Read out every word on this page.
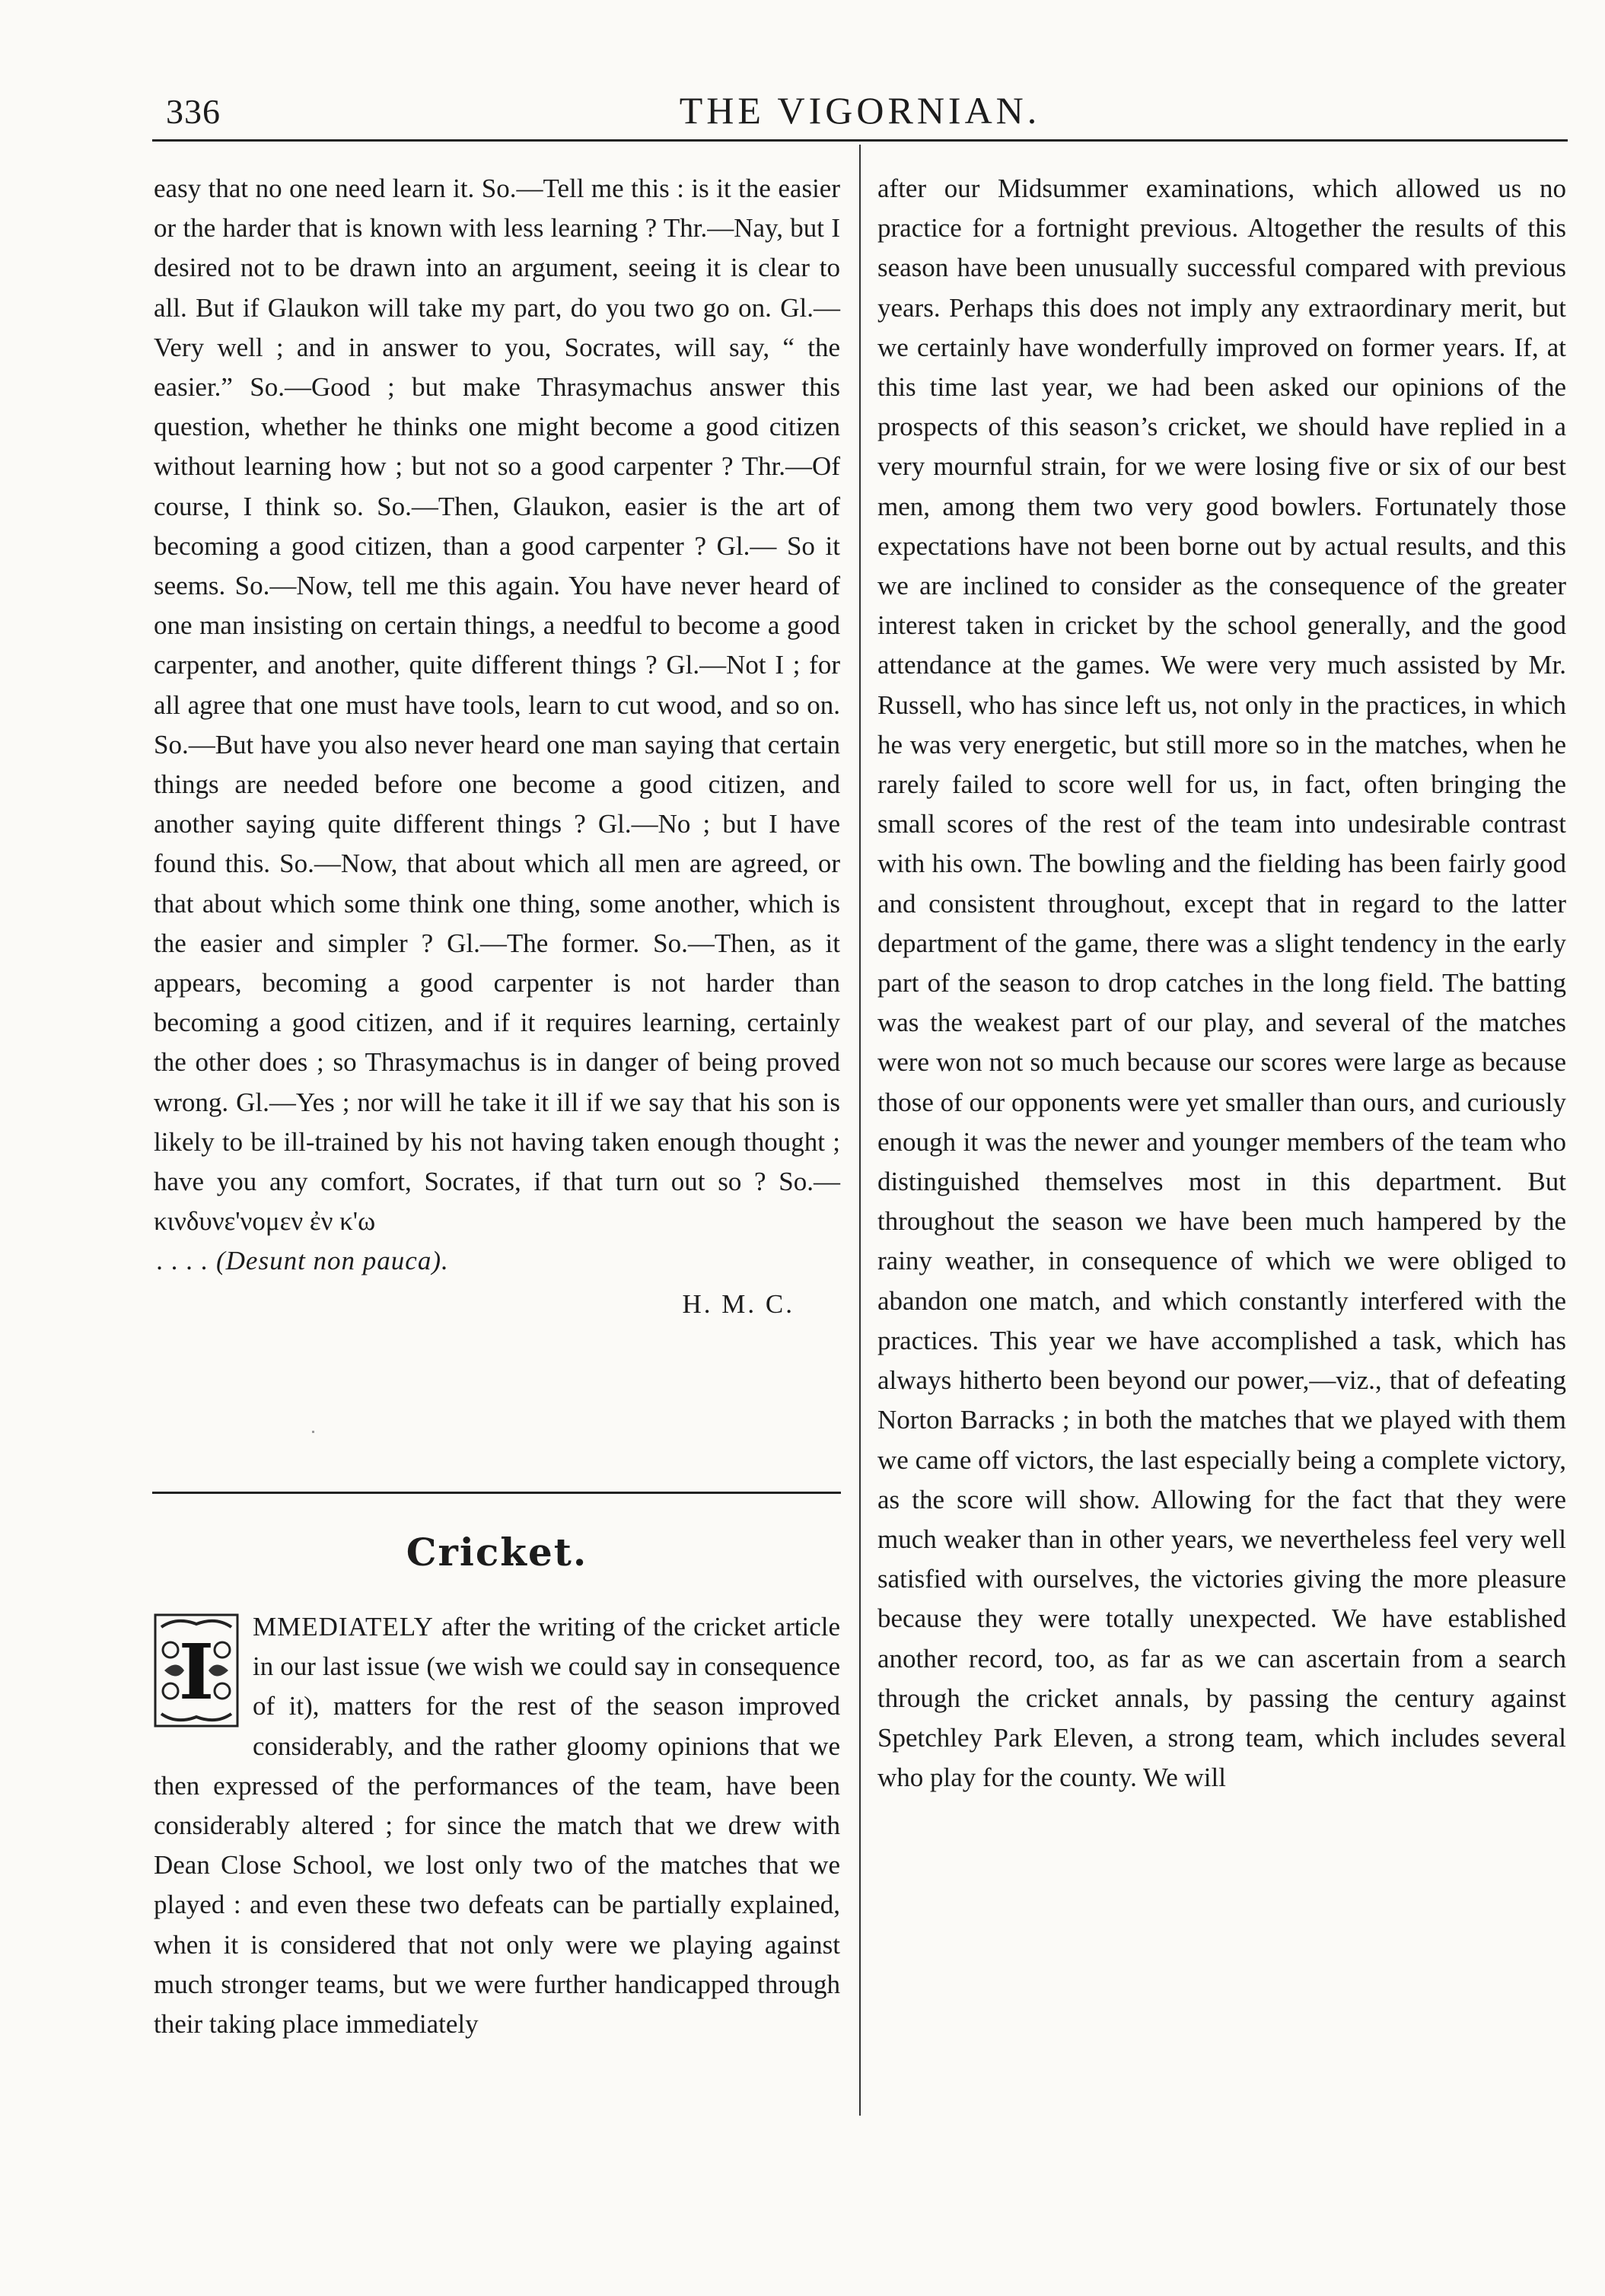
336	THE VIGORNIAN.

easy that no one need learn it. So.—Tell me this : is it the easier or the harder that is known with less learning ? Thr.—Nay, but I desired not to be drawn into an argument, seeing it is clear to all. But if Glaukon will take my part, do you two go on. Gl.— Very well ; and in answer to you, Socrates, will say, “ the easier.” So.—Good ; but make Thrasymachus answer this question, whether he thinks one might become a good citizen without learning how ; but not so a good carpenter ? Thr.—Of course, I think so. So.—Then, Glaukon, easier is the art of becoming a good citizen, than a good carpenter ? Gl.— So it seems. So.—Now, tell me this again. You have never heard of one man insisting on certain things, a needful to become a good carpenter, and another, quite different things ? Gl.—Not I ; for all agree that one must have tools, learn to cut wood, and so on. So.—But have you also never heard one man saying that certain things are needed before one become a good citizen, and another saying quite different things ? Gl.—No ; but I have found this. So.—Now, that about which all men are agreed, or that about which some think one thing, some another, which is the easier and simpler ? Gl.—The former. So.—Then, as it appears, becoming a good carpenter is not harder than becoming a good citizen, and if it requires learning, certainly the other does ; so Thrasymachus is in danger of being proved wrong. Gl.—Yes ; nor will he take it ill if we say that his son is likely to be ill-trained by his not having taken enough thought ; have you any comfort, Socrates, if that turn out so ? So.—κινδυνε'νομεν ἐν κ'ω

. . . . (Desunt non pauca).
H. M. C.
Cricket.
I

MMEDIATELY after the writing of the cricket article in our last issue (we wish we could say in consequence of it), matters for the rest of the season improved considerably, and the rather gloomy opinions that we then expressed of the performances of the team, have been considerably altered ; for since the match that we drew with Dean Close School, we lost only two of the matches that we played : and even these two defeats can be partially explained, when it is considered that not only were we playing against much stronger teams, but we were further handicapped through their taking place immediately

after our Midsummer examinations, which allowed us no practice for a fortnight previous. Altogether the results of this season have been unusually successful compared with previous years. Perhaps this does not imply any extraordinary merit, but we certainly have wonderfully improved on former years. If, at this time last year, we had been asked our opinions of the prospects of this season’s cricket, we should have replied in a very mournful strain, for we were losing five or six of our best men, among them two very good bowlers. Fortunately those expectations have not been borne out by actual results, and this we are inclined to consider as the consequence of the greater interest taken in cricket by the school generally, and the good attendance at the games. We were very much assisted by Mr. Russell, who has since left us, not only in the practices, in which he was very energetic, but still more so in the matches, when he rarely failed to score well for us, in fact, often bringing the small scores of the rest of the team into undesirable contrast with his own. The bowling and the fielding has been fairly good and consistent throughout, except that in regard to the latter department of the game, there was a slight tendency in the early part of the season to drop catches in the long field. The batting was the weakest part of our play, and several of the matches were won not so much because our scores were large as because those of our opponents were yet smaller than ours, and curiously enough it was the newer and younger members of the team who distinguished themselves most in this department. But throughout the season we have been much hampered by the rainy weather, in consequence of which we were obliged to abandon one match, and which constantly interfered with the practices. This year we have accomplished a task, which has always hitherto been beyond our power,—viz., that of defeating Norton Barracks ; in both the matches that we played with them we came off victors, the last especially being a complete victory, as the score will show. Allowing for the fact that they were much weaker than in other years, we nevertheless feel very well satisfied with ourselves, the victories giving the more pleasure because they were totally unexpected. We have established another record, too, as far as we can ascertain from a search through the cricket annals, by passing the century against Spetchley Park Eleven, a strong team, which includes several who play for the county. We will
